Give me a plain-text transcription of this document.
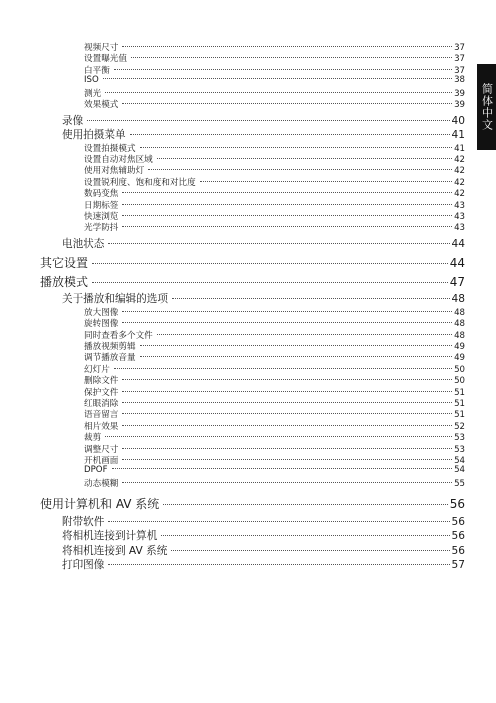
简体中文
视频尺寸	37
设置曝光值	37
白平衡	37
ISO	38
测光	39
效果模式	39
录像	40
使用拍摄菜单	41
设置拍摄模式	41
设置自动对焦区域	42
使用对焦辅助灯	42
设置锐利度、饱和度和对比度	42
数码变焦	42
日期标签	43
快速浏览	43
光学防抖	43
电池状态	44
其它设置	44
播放模式	47
关于播放和编辑的选项	48
放大图像	48
旋转图像	48
同时查看多个文件	48
播放视频剪辑	49
调节播放音量	49
幻灯片	50
删除文件	50
保护文件	51
红眼消除	51
语音留言	51
相片效果	52
裁剪	53
调整尺寸	53
开机画面	54
DPOF	54
动态模糊	55
使用计算机和 AV 系统	56
附带软件	56
将相机连接到计算机	56
将相机连接到 AV 系统	56
打印图像	57
